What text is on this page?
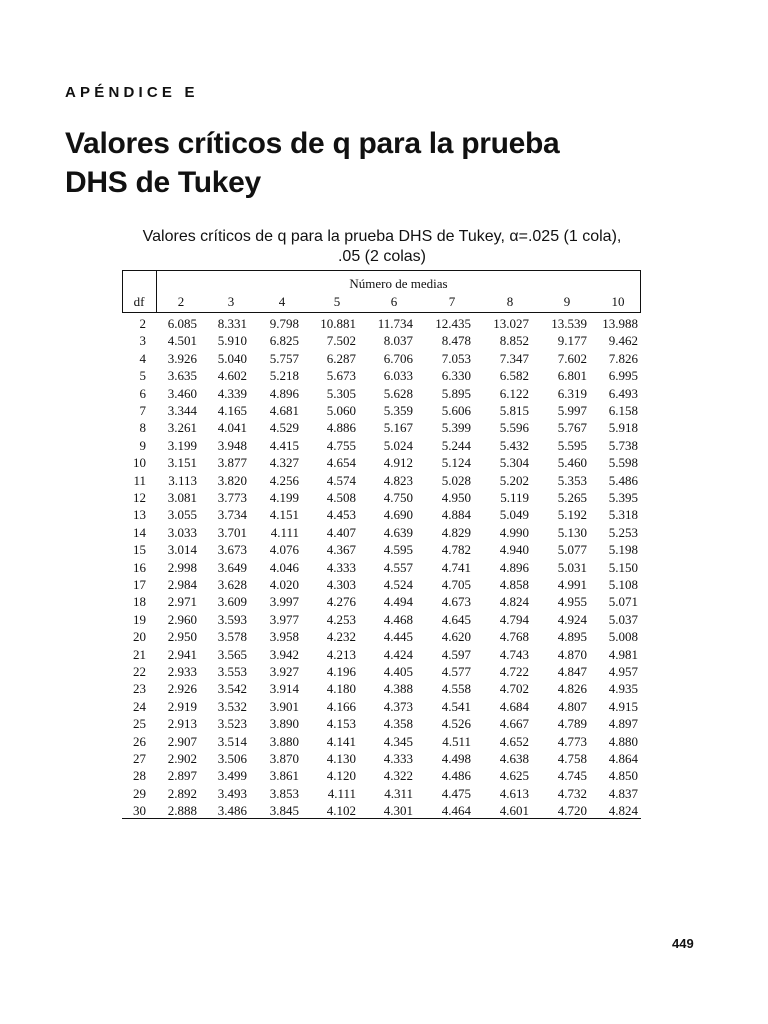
APÉNDICE E
Valores críticos de q para la prueba
DHS de Tukey
Valores críticos de q para la prueba DHS de Tukey, α=.025 (1 cola),
.05 (2 colas)
Número de medias
df	2	3	4	5	6	7	8	9	10
2	6.085	8.331	9.798	10.881	11.734	12.435	13.027	13.539	13.988
3	4.501	5.910	6.825	7.502	8.037	8.478	8.852	9.177	9.462
4	3.926	5.040	5.757	6.287	6.706	7.053	7.347	7.602	7.826
5	3.635	4.602	5.218	5.673	6.033	6.330	6.582	6.801	6.995
6	3.460	4.339	4.896	5.305	5.628	5.895	6.122	6.319	6.493
7	3.344	4.165	4.681	5.060	5.359	5.606	5.815	5.997	6.158
8	3.261	4.041	4.529	4.886	5.167	5.399	5.596	5.767	5.918
9	3.199	3.948	4.415	4.755	5.024	5.244	5.432	5.595	5.738
10	3.151	3.877	4.327	4.654	4.912	5.124	5.304	5.460	5.598
11	3.113	3.820	4.256	4.574	4.823	5.028	5.202	5.353	5.486
12	3.081	3.773	4.199	4.508	4.750	4.950	5.119	5.265	5.395
13	3.055	3.734	4.151	4.453	4.690	4.884	5.049	5.192	5.318
14	3.033	3.701	4.111	4.407	4.639	4.829	4.990	5.130	5.253
15	3.014	3.673	4.076	4.367	4.595	4.782	4.940	5.077	5.198
16	2.998	3.649	4.046	4.333	4.557	4.741	4.896	5.031	5.150
17	2.984	3.628	4.020	4.303	4.524	4.705	4.858	4.991	5.108
18	2.971	3.609	3.997	4.276	4.494	4.673	4.824	4.955	5.071
19	2.960	3.593	3.977	4.253	4.468	4.645	4.794	4.924	5.037
20	2.950	3.578	3.958	4.232	4.445	4.620	4.768	4.895	5.008
21	2.941	3.565	3.942	4.213	4.424	4.597	4.743	4.870	4.981
22	2.933	3.553	3.927	4.196	4.405	4.577	4.722	4.847	4.957
23	2.926	3.542	3.914	4.180	4.388	4.558	4.702	4.826	4.935
24	2.919	3.532	3.901	4.166	4.373	4.541	4.684	4.807	4.915
25	2.913	3.523	3.890	4.153	4.358	4.526	4.667	4.789	4.897
26	2.907	3.514	3.880	4.141	4.345	4.511	4.652	4.773	4.880
27	2.902	3.506	3.870	4.130	4.333	4.498	4.638	4.758	4.864
28	2.897	3.499	3.861	4.120	4.322	4.486	4.625	4.745	4.850
29	2.892	3.493	3.853	4.111	4.311	4.475	4.613	4.732	4.837
30	2.888	3.486	3.845	4.102	4.301	4.464	4.601	4.720	4.824
449
